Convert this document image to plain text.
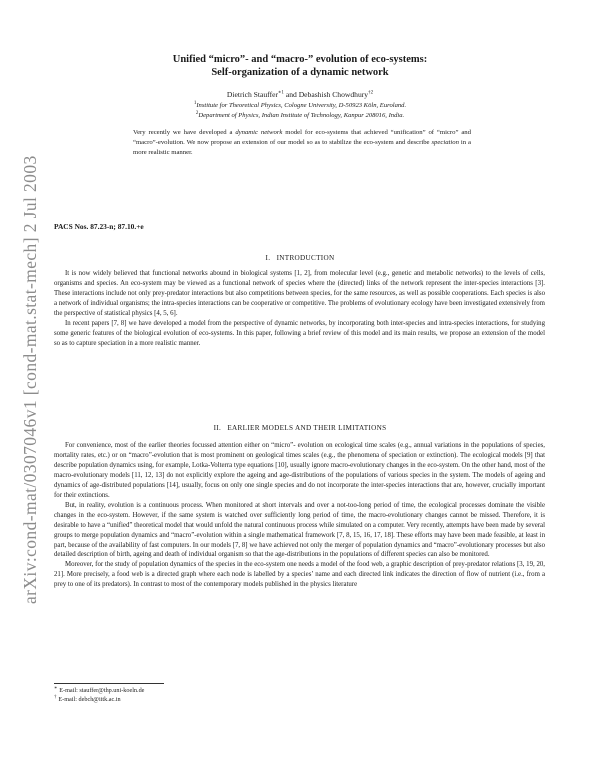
arXiv:cond-mat/0307046v1 [cond-mat.stat-mech] 2 Jul 2003
Unified “micro”- and “macro-” evolution of eco-systems:
Self-organization of a dynamic network
Dietrich Stauffer$^{∗1}$ and Debashish Chowdhury$^{\dagger 2}$
$^1$Institute for Theoretical Physics, Cologne University, D-50923 Köln, Euroland.
$^2$Department of Physics, Indian Institute of Technology, Kanpur 208016, India.
Very recently we have developed a dynamic network model for eco-systems that achieved “unification” of “micro” and “macro”-evolution. We now propose an extension of our model so as to stabilize the eco-system and describe speciation in a more realistic manner.
PACS Nos. 87.23-n; 87.10.+e
I.   INTRODUCTION

It is now widely believed that functional networks abound in biological systems [1, 2], from molecular level (e.g., genetic and metabolic networks) to the levels of cells, organisms and species. An eco-system may be viewed as a functional network of species where the (directed) links of the network represent the inter-species interactions [3]. These interactions include not only prey-predator interactions but also competitions between species, for the same resources, as well as possible cooperations. Each species is also a network of individual organisms; the intra-species interactions can be cooperative or competitive. The problems of evolutionary ecology have been investigated extensively from the perspective of statistical physics [4, 5, 6].

In recent papers [7, 8] we have developed a model from the perspective of dynamic networks, by incorporating both inter-species and intra-species interactions, for studying some generic features of the biological evolution of eco-systems. In this paper, following a brief review of this model and its main results, we propose an extension of the model so as to capture speciation in a more realistic manner.

II.   EARLIER MODELS AND THEIR LIMITATIONS

For convenience, most of the earlier theories focussed attention either on “micro”- evolution on ecological time scales (e.g., annual variations in the populations of species, mortality rates, etc.) or on “macro”-evolution that is most prominent on geological times scales (e.g., the phenomena of speciation or extinction). The ecological models [9] that describe population dynamics using, for example, Lotka-Volterra type equations [10], usually ignore macro-evolutionary changes in the eco-system. On the other hand, most of the macro-evolutionary models [11, 12, 13] do not explicitly explore the ageing and age-distributions of the populations of various species in the system. The models of ageing and dynamics of age-distributed populations [14], usually, focus on only one single species and do not incorporate the inter-species interactions that are, however, crucially important for their extinctions.

But, in reality, evolution is a continuous process. When monitored at short intervals and over a not-too-long period of time, the ecological processes dominate the visible changes in the eco-system. However, if the same system is watched over sufficiently long period of time, the macro-evolutionary changes cannot be missed. Therefore, it is desirable to have a “unified” theoretical model that would unfold the natural continuous process while simulated on a computer. Very recently, attempts have been made by several groups to merge population dynamics and “macro”-evolution within a single mathematical framework [7, 8, 15, 16, 17, 18]. These efforts may have been made feasible, at least in part, because of the availability of fast computers. In our models [7, 8] we have achieved not only the merger of population dynamics and “macro”-evolutionary processes but also detailed description of birth, ageing and death of individual organism so that the age-distributions in the populations of different species can also be monitored.

Moreover, for the study of population dynamics of the species in the eco-system one needs a model of the food web, a graphic description of prey-predator relations [3, 19, 20, 21]. More precisely, a food web is a directed graph where each node is labelled by a species’ name and each directed link indicates the direction of flow of nutrient (i.e., from a prey to one of its predators). In contrast to most of the contemporary models published in the physics literature

∗ E-mail: stauffer@thp.uni-koeln.de
† E-mail: debch@iitk.ac.in
